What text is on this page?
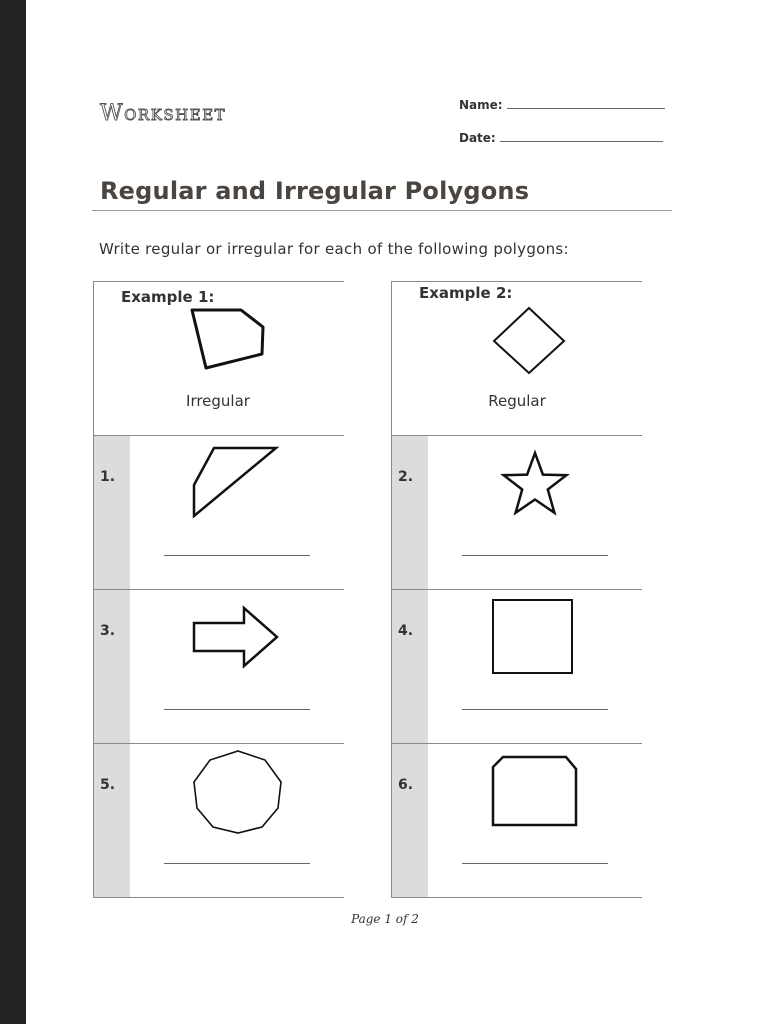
Worksheet	Name:
Date:
Regular and Irregular Polygons
Write regular or irregular for each of the following polygons:
Example 1:
Irregular
Example 2:
Regular
1.	2.
3.	4.
5.	6.
Page 1 of 2
